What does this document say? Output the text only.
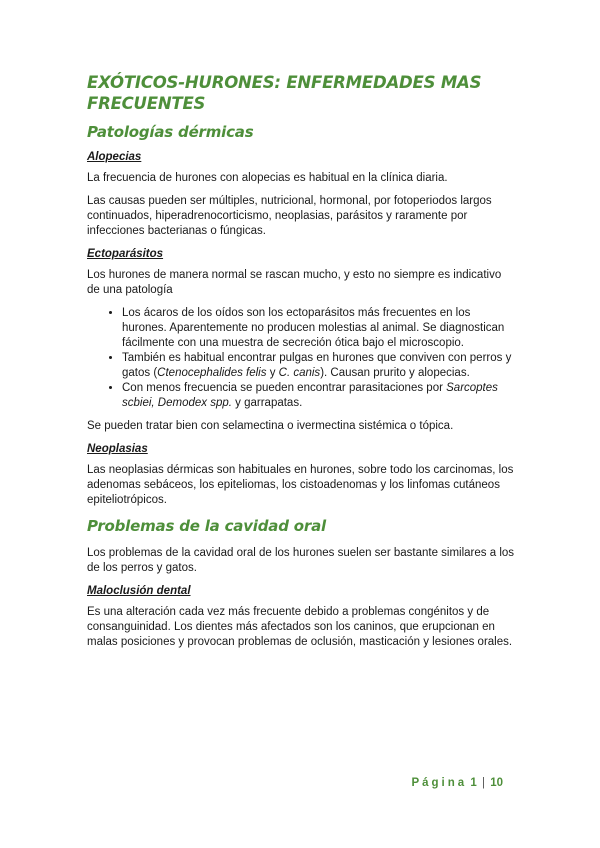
EXÓTICOS-HURONES: ENFERMEDADES MAS FRECUENTES
Patologías dérmicas
Alopecias

La frecuencia de hurones con alopecias es habitual en la clínica diaria.

Las causas pueden ser múltiples, nutricional, hormonal, por fotoperiodos largos continuados, hiperadrenocorticismo, neoplasias, parásitos y raramente por infecciones bacterianas o fúngicas.

Ectoparásitos

Los hurones de manera normal se rascan mucho, y esto no siempre es indicativo de una patología

• Los ácaros de los oídos son los ectoparásitos más frecuentes en los hurones. Aparentemente no producen molestias al animal. Se diagnostican fácilmente con una muestra de secreción ótica bajo el microscopio.
• También es habitual encontrar pulgas en hurones que conviven con perros y gatos (Ctenocephalides felis y C. canis). Causan prurito y alopecias.
• Con menos frecuencia se pueden encontrar parasitaciones por Sarcoptes scbiei, Demodex spp. y garrapatas.

Se pueden tratar bien con selamectina o ivermectina sistémica o tópica.

Neoplasias

Las neoplasias dérmicas son habituales en hurones, sobre todo los carcinomas, los adenomas sebáceos, los epiteliomas, los cistoadenomas y los linfomas cutáneos epiteliotrópicos.

Problemas de la cavidad oral

Los problemas de la cavidad oral de los hurones suelen ser bastante similares a los de los perros y gatos.

Maloclusión dental

Es una alteración cada vez más frecuente debido a problemas congénitos y de consanguinidad. Los dientes más afectados son los caninos, que erupcionan en malas posiciones y provocan problemas de oclusión, masticación y lesiones orales.

Página 1 | 10
